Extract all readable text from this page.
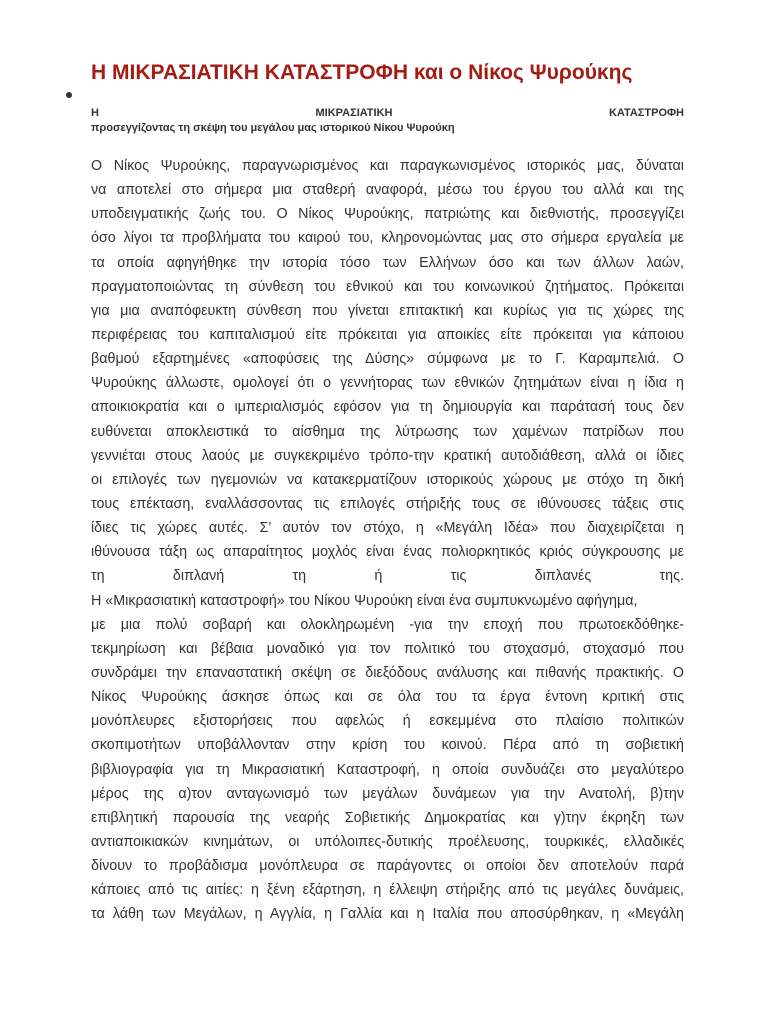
Η ΜΙΚΡΑΣΙΑΤΙΚΗ ΚΑΤΑΣΤΡΟΦΗ και ο Νίκος Ψυρούκης
Η	ΜΙΚΡΑΣΙΑΤΙΚΗ	ΚΑΤΑΣΤΡΟΦΗ
προσεγγίζοντας τη σκέψη του μεγάλου μας ιστορικού Νίκου Ψυρούκη
Ο Νίκος Ψυρούκης, παραγνωρισμένος και παραγκωνισμένος ιστορικός μας, δύναται
να αποτελεί στο σήμερα μια σταθερή αναφορά, μέσω του έργου του αλλά και της
υποδειγματικής ζωής του. Ο Νίκος Ψυρούκης, πατριώτης και διεθνιστής, προσεγγίζει
όσο λίγοι τα προβλήματα του καιρού του, κληρονομώντας μας στο σήμερα εργαλεία με
τα οποία αφηγήθηκε την ιστορία τόσο των Ελλήνων όσο και των άλλων λαών,
πραγματοποιώντας τη σύνθεση του εθνικού και του κοινωνικού ζητήματος. Πρόκειται
για μια αναπόφευκτη σύνθεση που γίνεται επιτακτική και κυρίως για τις χώρες της
περιφέρειας του καπιταλισμού είτε πρόκειται για αποικίες είτε πρόκειται για κάποιου
βαθμού εξαρτημένες «αποφύσεις της Δύσης» σύμφωνα με το Γ. Καραμπελιά. Ο
Ψυρούκης άλλωστε, ομολογεί ότι ο γεννήτορας των εθνικών ζητημάτων είναι η ίδια η
αποικιοκρατία και ο ιμπεριαλισμός εφόσον για τη δημιουργία και παράτασή τους δεν
ευθύνεται αποκλειστικά το αίσθημα της λύτρωσης των χαμένων πατρίδων που
γεννιέται στους λαούς με συγκεκριμένο τρόπο-την κρατική αυτοδιάθεση, αλλά οι ίδιες
οι επιλογές των ηγεμονιών να κατακερματίζουν ιστορικούς χώρους με στόχο τη δική
τους επέκταση, εναλλάσσοντας τις επιλογές στήριξής τους σε ιθύνουσες τάξεις στις
ίδιες τις χώρες αυτές. Σ’ αυτόν τον στόχο, η «Μεγάλη Ιδέα» που διαχειρίζεται η
ιθύνουσα τάξη ως απαραίτητος μοχλός είναι ένας πολιορκητικός κριός σύγκρουσης με
τη διπλανή τη ή τις διπλανές της.
Η «Μικρασιατική καταστροφή» του Νίκου Ψυρούκη είναι ένα συμπυκνωμένο αφήγημα,
με μια πολύ σοβαρή και ολοκληρωμένη -για την εποχή που πρωτοεκδόθηκε-
τεκμηρίωση και βέβαια μοναδικό για τον πολιτικό του στοχασμό, στοχασμό που
συνδράμει την επαναστατική σκέψη σε διεξόδους ανάλυσης και πιθανής πρακτικής. Ο
Νίκος Ψυρούκης άσκησε όπως και σε όλα του τα έργα έντονη κριτική στις
μονόπλευρες εξιστορήσεις που αφελώς ή εσκεμμένα στο πλαίσιο πολιτικών
σκοπιμοτήτων υποβάλλονταν στην κρίση του κοινού. Πέρα από τη σοβιετική
βιβλιογραφία για τη Μικρασιατική Καταστροφή, η οποία συνδυάζει στο μεγαλύτερο
μέρος της α)τον ανταγωνισμό των μεγάλων δυνάμεων για την Ανατολή, β)την
επιβλητική παρουσία της νεαρής Σοβιετικής Δημοκρατίας και γ)την έκρηξη των
αντιαποικιακών κινημάτων, οι υπόλοιπες-δυτικής προέλευσης, τουρκικές, ελλαδικές
δίνουν το προβάδισμα μονόπλευρα σε παράγοντες οι οποίοι δεν αποτελούν παρά
κάποιες από τις αιτίες: η ξένη εξάρτηση, η έλλειψη στήριξης από τις μεγάλες δυνάμεις,
τα λάθη των Μεγάλων, η Αγγλία, η Γαλλία και η Ιταλία που αποσύρθηκαν, η «Μεγάλη
